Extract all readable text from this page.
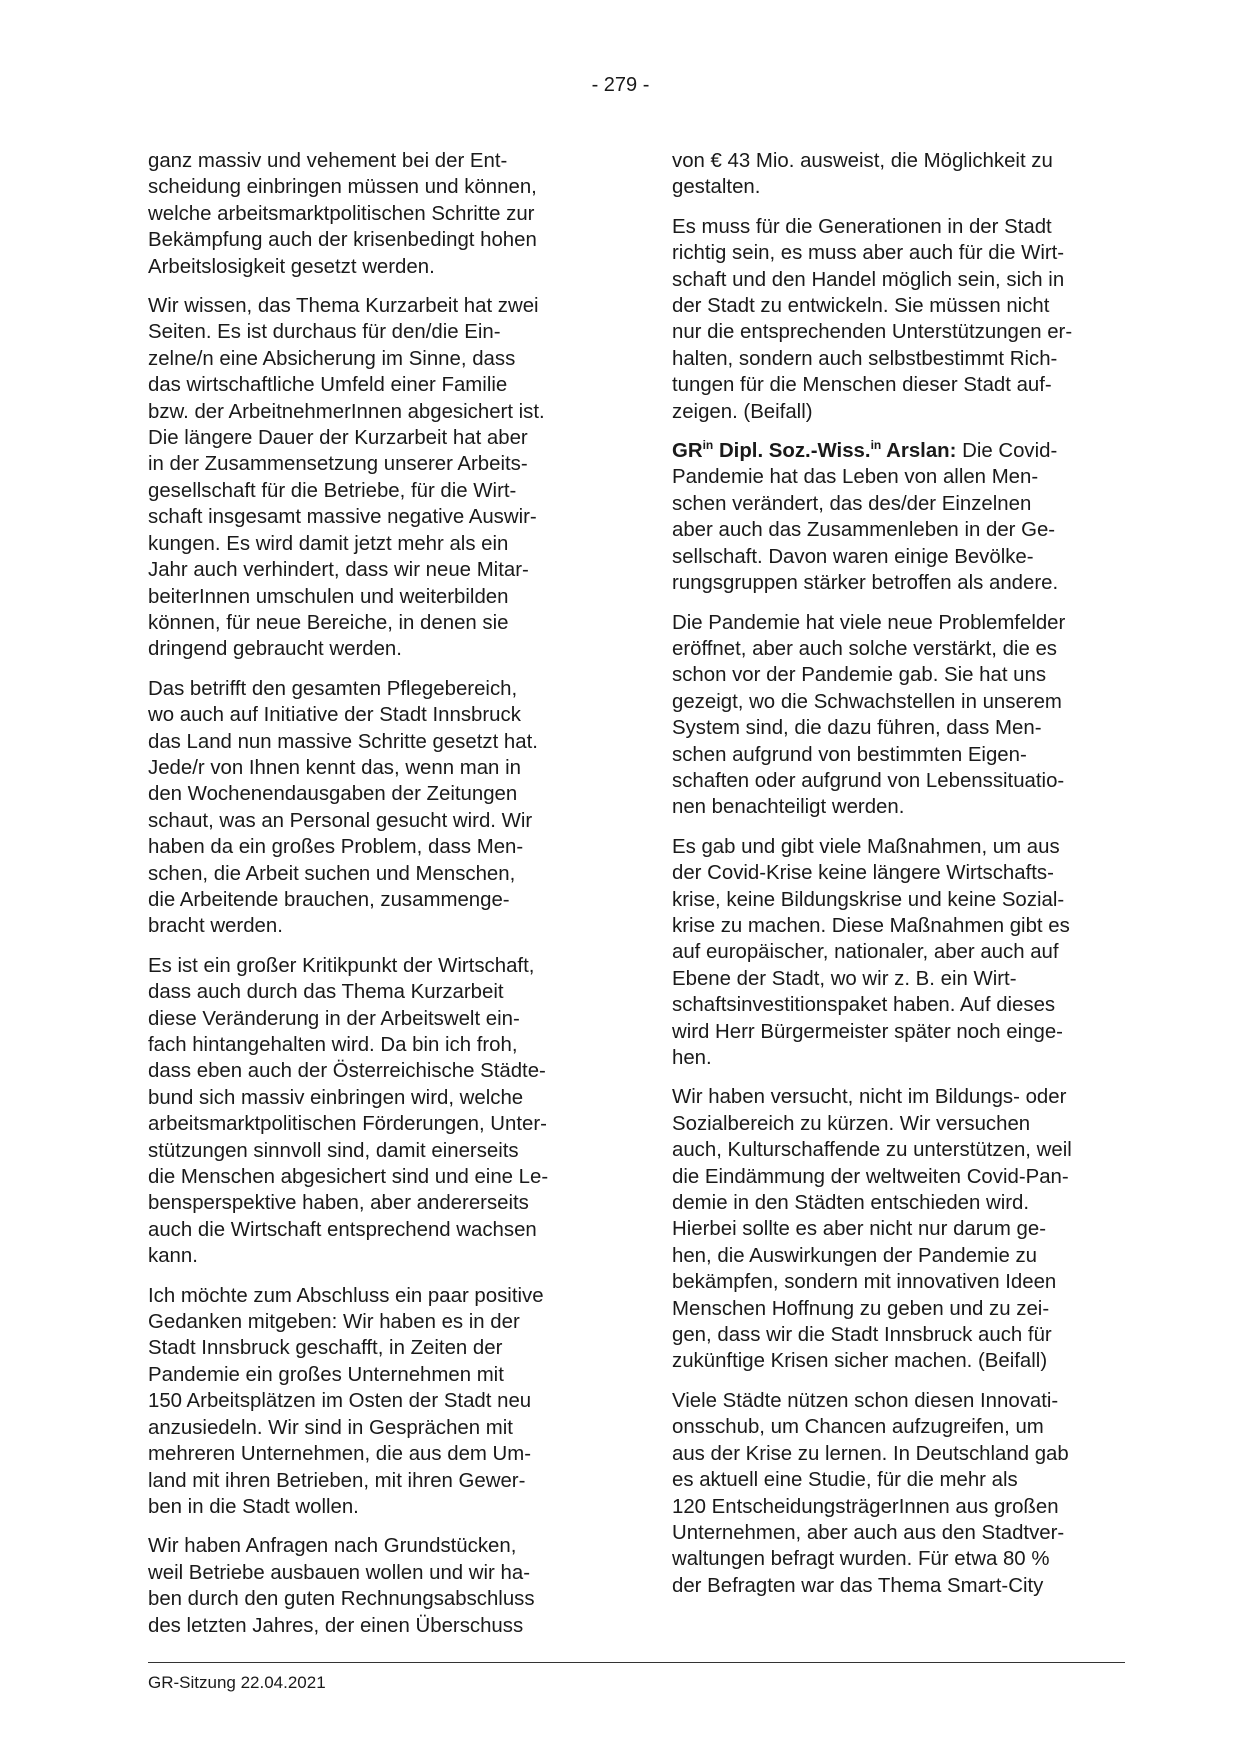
- 279 -
ganz massiv und vehement bei der Ent-
scheidung einbringen müssen und können,
welche arbeitsmarktpolitischen Schritte zur
Bekämpfung auch der krisenbedingt hohen
Arbeitslosigkeit gesetzt werden.
Wir wissen, das Thema Kurzarbeit hat zwei
Seiten. Es ist durchaus für den/die Ein-
zelne/n eine Absicherung im Sinne, dass
das wirtschaftliche Umfeld einer Familie
bzw. der ArbeitnehmerInnen abgesichert ist.
Die längere Dauer der Kurzarbeit hat aber
in der Zusammensetzung unserer Arbeits-
gesellschaft für die Betriebe, für die Wirt-
schaft insgesamt massive negative Auswir-
kungen. Es wird damit jetzt mehr als ein
Jahr auch verhindert, dass wir neue Mitar-
beiterInnen umschulen und weiterbilden
können, für neue Bereiche, in denen sie
dringend gebraucht werden.
Das betrifft den gesamten Pflegebereich,
wo auch auf Initiative der Stadt Innsbruck
das Land nun massive Schritte gesetzt hat.
Jede/r von Ihnen kennt das, wenn man in
den Wochenendausgaben der Zeitungen
schaut, was an Personal gesucht wird. Wir
haben da ein großes Problem, dass Men-
schen, die Arbeit suchen und Menschen,
die Arbeitende brauchen, zusammenge-
bracht werden.
Es ist ein großer Kritikpunkt der Wirtschaft,
dass auch durch das Thema Kurzarbeit
diese Veränderung in der Arbeitswelt ein-
fach hintangehalten wird. Da bin ich froh,
dass eben auch der Österreichische Städte-
bund sich massiv einbringen wird, welche
arbeitsmarktpolitischen Förderungen, Unter-
stützungen sinnvoll sind, damit einerseits
die Menschen abgesichert sind und eine Le-
bensperspektive haben, aber andererseits
auch die Wirtschaft entsprechend wachsen
kann.
Ich möchte zum Abschluss ein paar positive
Gedanken mitgeben: Wir haben es in der
Stadt Innsbruck geschafft, in Zeiten der
Pandemie ein großes Unternehmen mit
150 Arbeitsplätzen im Osten der Stadt neu
anzusiedeln. Wir sind in Gesprächen mit
mehreren Unternehmen, die aus dem Um-
land mit ihren Betrieben, mit ihren Gewer-
ben in die Stadt wollen.
Wir haben Anfragen nach Grundstücken,
weil Betriebe ausbauen wollen und wir ha-
ben durch den guten Rechnungsabschluss
des letzten Jahres, der einen Überschuss
von € 43 Mio. ausweist, die Möglichkeit zu
gestalten.
Es muss für die Generationen in der Stadt
richtig sein, es muss aber auch für die Wirt-
schaft und den Handel möglich sein, sich in
der Stadt zu entwickeln. Sie müssen nicht
nur die entsprechenden Unterstützungen er-
halten, sondern auch selbstbestimmt Rich-
tungen für die Menschen dieser Stadt auf-
zeigen. (Beifall)
$GR^{in}$ Dipl. Soz.-Wiss.$^{in}$ Arslan: Die Covid-
Pandemie hat das Leben von allen Men-
schen verändert, das des/der Einzelnen
aber auch das Zusammenleben in der Ge-
sellschaft. Davon waren einige Bevölke-
rungsgruppen stärker betroffen als andere.
Die Pandemie hat viele neue Problemfelder
eröffnet, aber auch solche verstärkt, die es
schon vor der Pandemie gab. Sie hat uns
gezeigt, wo die Schwachstellen in unserem
System sind, die dazu führen, dass Men-
schen aufgrund von bestimmten Eigen-
schaften oder aufgrund von Lebenssituatio-
nen benachteiligt werden.
Es gab und gibt viele Maßnahmen, um aus
der Covid-Krise keine längere Wirtschafts-
krise, keine Bildungskrise und keine Sozial-
krise zu machen. Diese Maßnahmen gibt es
auf europäischer, nationaler, aber auch auf
Ebene der Stadt, wo wir z. B. ein Wirt-
schaftsinvestitionspaket haben. Auf dieses
wird Herr Bürgermeister später noch einge-
hen.
Wir haben versucht, nicht im Bildungs- oder
Sozialbereich zu kürzen. Wir versuchen
auch, Kulturschaffende zu unterstützen, weil
die Eindämmung der weltweiten Covid-Pan-
demie in den Städten entschieden wird.
Hierbei sollte es aber nicht nur darum ge-
hen, die Auswirkungen der Pandemie zu
bekämpfen, sondern mit innovativen Ideen
Menschen Hoffnung zu geben und zu zei-
gen, dass wir die Stadt Innsbruck auch für
zukünftige Krisen sicher machen. (Beifall)
Viele Städte nützen schon diesen Innovati-
onsschub, um Chancen aufzugreifen, um
aus der Krise zu lernen. In Deutschland gab
es aktuell eine Studie, für die mehr als
120 EntscheidungsträgerInnen aus großen
Unternehmen, aber auch aus den Stadtver-
waltungen befragt wurden. Für etwa 80 %
der Befragten war das Thema Smart-City
GR-Sitzung 22.04.2021
